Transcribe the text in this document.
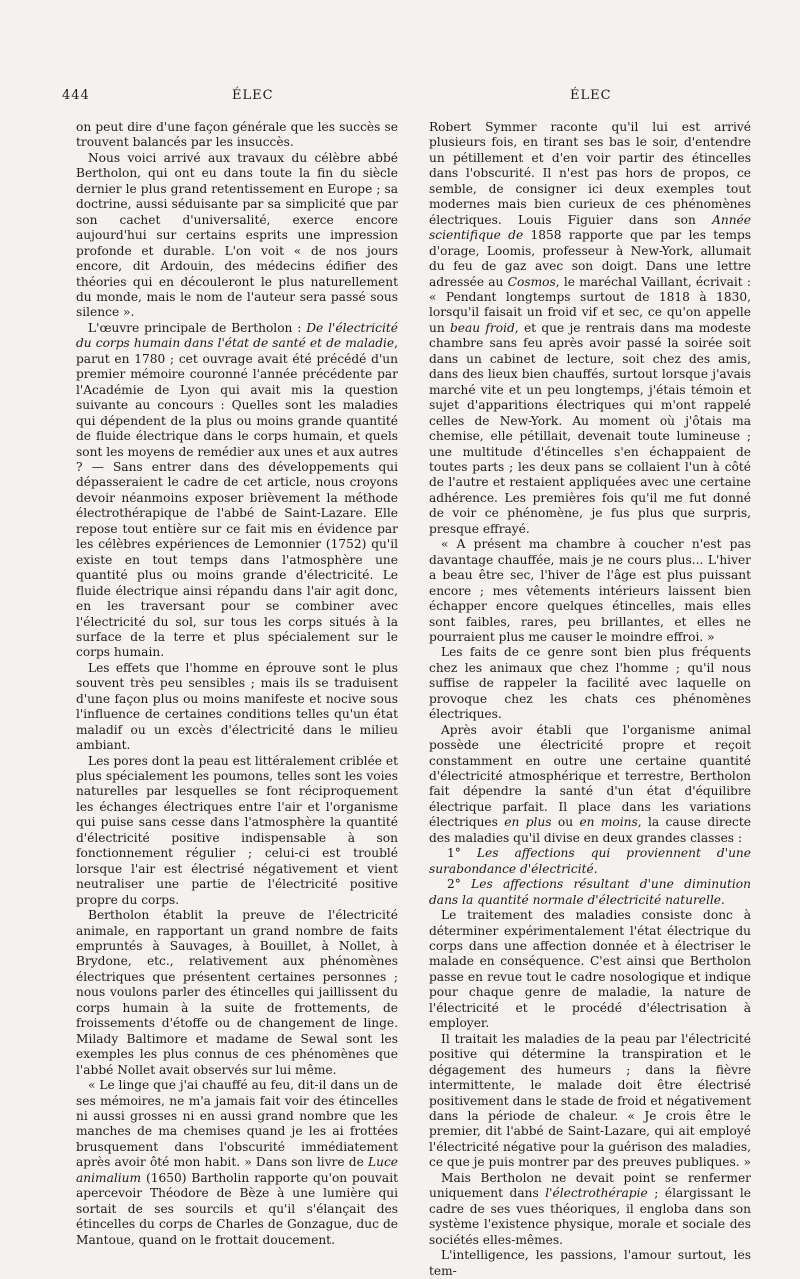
444	ÉLEC	ÉLEC

on peut dire d'une façon générale que les succès se trouvent balancés par les insuccès.

Nous voici arrivé aux travaux du célèbre abbé Bertholon, qui ont eu dans toute la fin du siècle dernier le plus grand retentissement en Europe ; sa doctrine, aussi séduisante par sa simplicité que par son cachet d'universalité, exerce encore aujourd'hui sur certains esprits une impression profonde et durable. L'on voit « de nos jours encore, dit Ardouin, des médecins édifier des théories qui en découleront le plus naturellement du monde, mais le nom de l'auteur sera passé sous silence ».

L'œuvre principale de Bertholon : De l'électricité du corps humain dans l'état de santé et de maladie, parut en 1780 ; cet ouvrage avait été précédé d'un premier mémoire couronné l'année précédente par l'Académie de Lyon qui avait mis la question suivante au concours : Quelles sont les maladies qui dépendent de la plus ou moins grande quantité de fluide électrique dans le corps humain, et quels sont les moyens de remédier aux unes et aux autres ? — Sans entrer dans des développements qui dépasseraient le cadre de cet article, nous croyons devoir néanmoins exposer brièvement la méthode électrothérapique de l'abbé de Saint-Lazare. Elle repose tout entière sur ce fait mis en évidence par les célèbres expériences de Lemonnier (1752) qu'il existe en tout temps dans l'atmosphère une quantité plus ou moins grande d'électricité. Le fluide électrique ainsi répandu dans l'air agit donc, en les traversant pour se combiner avec l'électricité du sol, sur tous les corps situés à la surface de la terre et plus spécialement sur le corps humain.

Les effets que l'homme en éprouve sont le plus souvent très peu sensibles ; mais ils se traduisent d'une façon plus ou moins manifeste et nocive sous l'influence de certaines conditions telles qu'un état maladif ou un excès d'électricité dans le milieu ambiant.

Les pores dont la peau est littéralement criblée et plus spécialement les poumons, telles sont les voies naturelles par lesquelles se font réciproquement les échanges électriques entre l'air et l'organisme qui puise sans cesse dans l'atmosphère la quantité d'électricité positive indispensable à son fonctionnement régulier ; celui-ci est troublé lorsque l'air est électrisé négativement et vient neutraliser une partie de l'électricité positive propre du corps.

Bertholon établit la preuve de l'électricité animale, en rapportant un grand nombre de faits empruntés à Sauvages, à Bouillet, à Nollet, à Brydone, etc., relativement aux phénomènes électriques que présentent certaines personnes ; nous voulons parler des étincelles qui jaillissent du corps humain à la suite de frottements, de froissements d'étoffe ou de changement de linge. Milady Baltimore et madame de Sewal sont les exemples les plus connus de ces phénomènes que l'abbé Nollet avait observés sur lui même.

« Le linge que j'ai chauffé au feu, dit-il dans un de ses mémoires, ne m'a jamais fait voir des étincelles ni aussi grosses ni en aussi grand nombre que les manches de ma chemises quand je les ai frottées brusquement dans l'obscurité immédiatement après avoir ôté mon habit. » Dans son livre de Luce animalium (1650) Bartholin rapporte qu'on pouvait apercevoir Théodore de Bèze à une lumière qui sortait de ses sourcils et qu'il s'élançait des étincelles du corps de Charles de Gonzague, duc de Mantoue, quand on le frottait doucement.

Robert Symmer raconte qu'il lui est arrivé plusieurs fois, en tirant ses bas le soir, d'entendre un pétillement et d'en voir partir des étincelles dans l'obscurité. Il n'est pas hors de propos, ce semble, de consigner ici deux exemples tout modernes mais bien curieux de ces phénomènes électriques. Louis Figuier dans son Année scientifique de 1858 rapporte que par les temps d'orage, Loomis, professeur à New-York, allumait du feu de gaz avec son doigt. Dans une lettre adressée au Cosmos, le maréchal Vaillant, écrivait : « Pendant longtemps surtout de 1818 à 1830, lorsqu'il faisait un froid vif et sec, ce qu'on appelle un beau froid, et que je rentrais dans ma modeste chambre sans feu après avoir passé la soirée soit dans un cabinet de lecture, soit chez des amis, dans des lieux bien chauffés, surtout lorsque j'avais marché vite et un peu longtemps, j'étais témoin et sujet d'apparitions électriques qui m'ont rappelé celles de New-York. Au moment où j'ôtais ma chemise, elle pétillait, devenait toute lumineuse ; une multitude d'étincelles s'en échappaient de toutes parts ; les deux pans se collaient l'un à côté de l'autre et restaient appliquées avec une certaine adhérence. Les premières fois qu'il me fut donné de voir ce phénomène, je fus plus que surpris, presque effrayé.

« A présent ma chambre à coucher n'est pas davantage chauffée, mais je ne cours plus... L'hiver a beau être sec, l'hiver de l'âge est plus puissant encore ; mes vêtements intérieurs laissent bien échapper encore quelques étincelles, mais elles sont faibles, rares, peu brillantes, et elles ne pourraient plus me causer le moindre effroi. »

Les faits de ce genre sont bien plus fréquents chez les animaux que chez l'homme ; qu'il nous suffise de rappeler la facilité avec laquelle on provoque chez les chats ces phénomènes électriques.

Après avoir établi que l'organisme animal possède une électricité propre et reçoit constamment en outre une certaine quantité d'électricité atmosphérique et terrestre, Bertholon fait dépendre la santé d'un état d'équilibre électrique parfait. Il place dans les variations électriques en plus ou en moins, la cause directe des maladies qu'il divise en deux grandes classes :

1° Les affections qui proviennent d'une surabondance d'électricité.

2° Les affections résultant d'une diminution dans la quantité normale d'électricité naturelle.

Le traitement des maladies consiste donc à déterminer expérimentalement l'état électrique du corps dans une affection donnée et à électriser le malade en conséquence. C'est ainsi que Bertholon passe en revue tout le cadre nosologique et indique pour chaque genre de maladie, la nature de l'électricité et le procédé d'électrisation à employer.

Il traitait les maladies de la peau par l'électricité positive qui détermine la transpiration et le dégagement des humeurs ; dans la fièvre intermittente, le malade doit être électrisé positivement dans le stade de froid et négativement dans la période de chaleur. « Je crois être le premier, dit l'abbé de Saint-Lazare, qui ait employé l'électricité négative pour la guérison des maladies, ce que je puis montrer par des preuves publiques. »

Mais Bertholon ne devait point se renfermer uniquement dans l'électrothérapie ; élargissant le cadre de ses vues théoriques, il engloba dans son système l'existence physique, morale et sociale des sociétés elles-mêmes.

L'intelligence, les passions, l'amour surtout, les tem-
